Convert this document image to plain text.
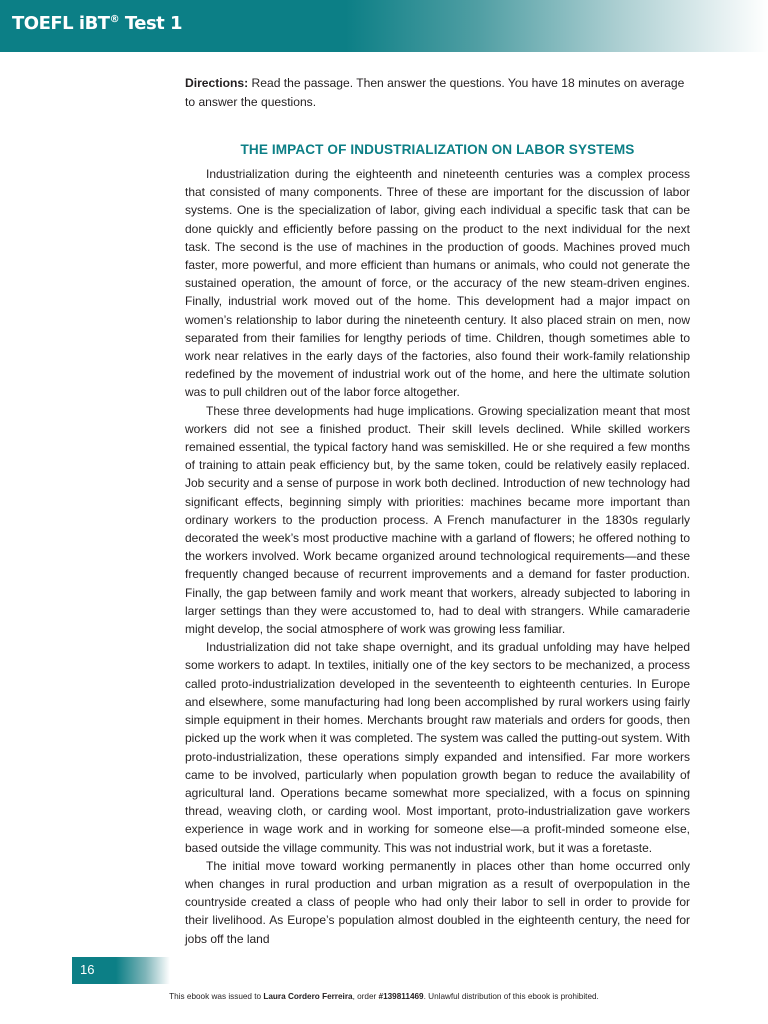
TOEFL iBT® Test 1
Directions: Read the passage. Then answer the questions. You have 18 minutes on average to answer the questions.
THE IMPACT OF INDUSTRIALIZATION ON LABOR SYSTEMS

Industrialization during the eighteenth and nineteenth centuries was a complex process that consisted of many components. Three of these are important for the discussion of labor systems. One is the specialization of labor, giving each individual a specific task that can be done quickly and efficiently before passing on the product to the next individual for the next task. The second is the use of machines in the production of goods. Machines proved much faster, more powerful, and more efficient than humans or animals, who could not generate the sustained operation, the amount of force, or the accuracy of the new steam-driven engines. Finally, industrial work moved out of the home. This development had a major impact on women’s relationship to labor during the nineteenth century. It also placed strain on men, now separated from their families for lengthy periods of time. Children, though sometimes able to work near relatives in the early days of the factories, also found their work-family relationship redefined by the movement of industrial work out of the home, and here the ultimate solution was to pull children out of the labor force altogether.

These three developments had huge implications. Growing specialization meant that most workers did not see a finished product. Their skill levels declined. While skilled workers remained essential, the typical factory hand was semiskilled. He or she required a few months of training to attain peak efficiency but, by the same token, could be relatively easily replaced. Job security and a sense of purpose in work both declined. Introduction of new technology had significant effects, beginning simply with priorities: machines became more important than ordinary workers to the production process. A French manufacturer in the 1830s regularly decorated the week’s most productive machine with a garland of flowers; he offered nothing to the workers involved. Work became organized around technological requirements—and these frequently changed because of recurrent improvements and a demand for faster production. Finally, the gap between family and work meant that workers, already subjected to laboring in larger settings than they were accustomed to, had to deal with strangers. While camaraderie might develop, the social atmosphere of work was growing less familiar.

Industrialization did not take shape overnight, and its gradual unfolding may have helped some workers to adapt. In textiles, initially one of the key sectors to be mechanized, a process called proto-industrialization developed in the seventeenth to eighteenth centuries. In Europe and elsewhere, some manufacturing had long been accomplished by rural workers using fairly simple equipment in their homes. Merchants brought raw materials and orders for goods, then picked up the work when it was completed. The system was called the putting-out system. With proto-industrialization, these operations simply expanded and intensified. Far more workers came to be involved, particularly when population growth began to reduce the availability of agricultural land. Operations became somewhat more specialized, with a focus on spinning thread, weaving cloth, or carding wool. Most important, proto-industrialization gave workers experience in wage work and in working for someone else—a profit-minded someone else, based outside the village community. This was not industrial work, but it was a foretaste.

The initial move toward working permanently in places other than home occurred only when changes in rural production and urban migration as a result of overpopulation in the countryside created a class of people who had only their labor to sell in order to provide for their livelihood. As Europe’s population almost doubled in the eighteenth century, the need for jobs off the land

16
This ebook was issued to Laura Cordero Ferreira, order #139811469. Unlawful distribution of this ebook is prohibited.
